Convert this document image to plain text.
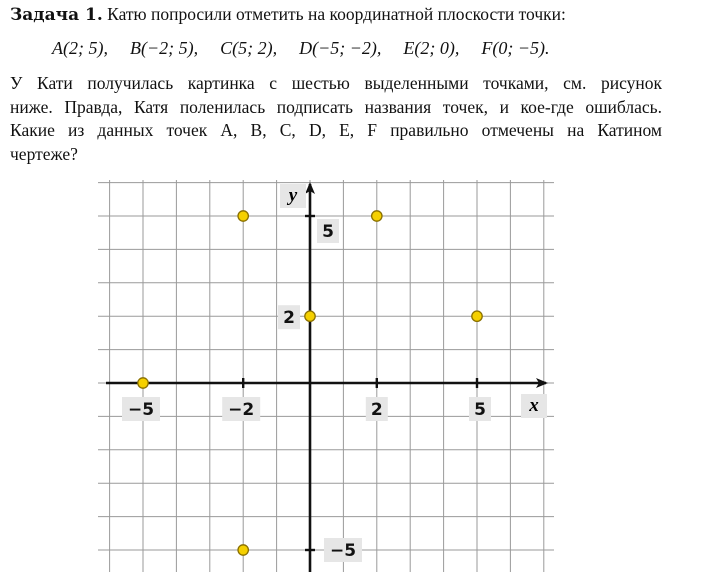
Задача 1. Катю попросили отметить на координатной плоскости точки:
A(2; 5), B(−2; 5), C(5; 2), D(−5; −2), E(2; 0), F(0; −5).
У Кати получилась картинка с шестью выделенными точками, см. рисунок
ниже. Правда, Катя поленилась подписать названия точек, и кое-где ошиблась.
Какие из данных точек A, B, C, D, E, F правильно отмечены на Катином
чертеже?
−5	−2	2	5
5
2
−5
x
y
